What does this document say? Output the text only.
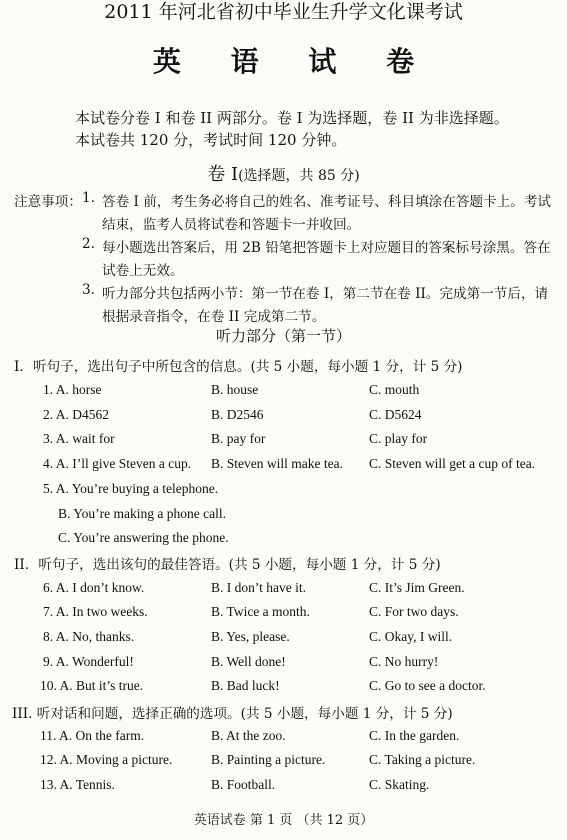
2011 年河北省初中毕业生升学文化课考试
英 语 试 卷
本试卷分卷 I 和卷 II 两部分。卷 I 为选择题，卷 II 为非选择题。
本试卷共 120 分，考试时间 120 分钟。
卷 I(选择题，共 85 分)
注意事项： 1. 答卷 I 前，考生务必将自己的姓名、准考证号、科目填涂在答题卡上。考试
结束，监考人员将试卷和答题卡一并收回。
2. 每小题选出答案后，用 2B 铅笔把答题卡上对应题目的答案标号涂黑。答在
试卷上无效。
3. 听力部分共包括两小节：第一节在卷 I，第二节在卷 II。完成第一节后，请
根据录音指令，在卷 II 完成第二节。
听力部分（第一节）
I．听句子，选出句子中所包含的信息。(共 5 小题，每小题 1 分，计 5 分)
1. A. horse	B. house	C. mouth
2. A. D4562	B. D2546	C. D5624
3. A. wait for	B. pay for	C. play for
4. A. I’ll give Steven a cup. B. Steven will make tea. C. Steven will get a cup of tea.
5. A. You’re buying a telephone.
B. You’re making a phone call.
C. You’re answering the phone.
II．听句子，选出该句的最佳答语。(共 5 小题，每小题 1 分，计 5 分)
6. A. I don’t know.	B. I don’t have it.	C. It’s Jim Green.
7. A. In two weeks.	B. Twice a month.	C. For two days.
8. A. No, thanks.	B. Yes, please.	C. Okay, I will.
9. A. Wonderful!	B. Well done!	C. No hurry!
10. A. But it’s true.	B. Bad luck!	C. Go to see a doctor.
III. 听对话和问题，选择正确的选项。(共 5 小题，每小题 1 分，计 5 分)
11. A. On the farm.	B. At the zoo.	C. In the garden.
12. A. Moving a picture.	B. Painting a picture.	C. Taking a picture.
13. A. Tennis.	B. Football.	C. Skating.
英语试卷 第 1 页 （共 12 页）
